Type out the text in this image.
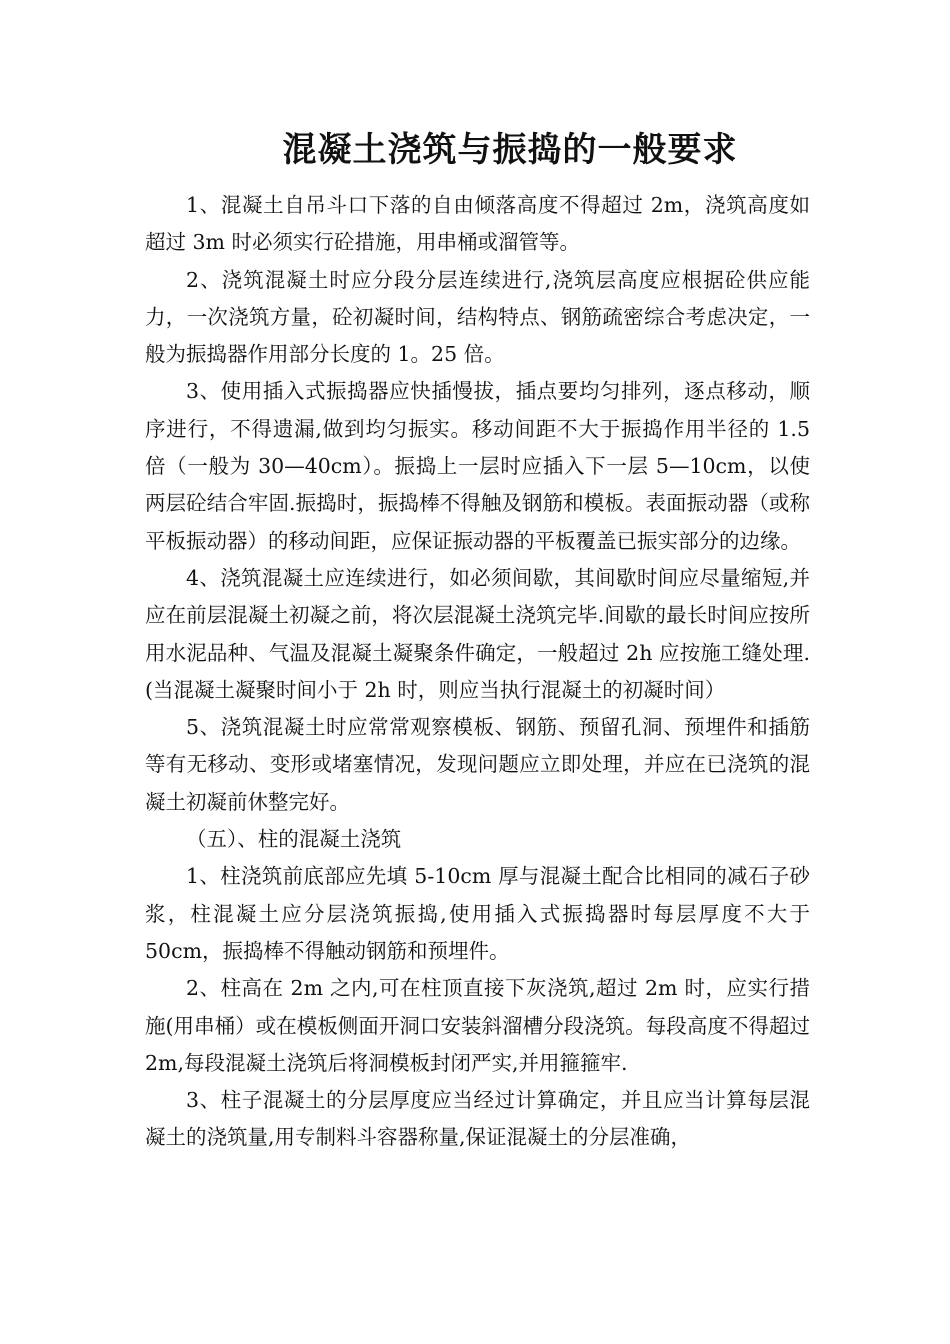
混凝土浇筑与振捣的一般要求

1、混凝土自吊斗口下落的自由倾落高度不得超过 2m，浇筑高度如超过 3m 时必须实行砼措施，用串桶或溜管等。

2、浇筑混凝土时应分段分层连续进行,浇筑层高度应根据砼供应能力，一次浇筑方量，砼初凝时间，结构特点、钢筋疏密综合考虑决定，一般为振捣器作用部分长度的 1。25 倍。

3、使用插入式振捣器应快插慢拔，插点要均匀排列，逐点移动，顺序进行，不得遗漏,做到均匀振实。移动间距不大于振捣作用半径的 1.5 倍（一般为 30—40cm）。振捣上一层时应插入下一层 5—10cm，以使两层砼结合牢固.振捣时，振捣棒不得触及钢筋和模板。表面振动器（或称平板振动器）的移动间距，应保证振动器的平板覆盖已振实部分的边缘。

4、浇筑混凝土应连续进行，如必须间歇，其间歇时间应尽量缩短,并应在前层混凝土初凝之前，将次层混凝土浇筑完毕.间歇的最长时间应按所用水泥品种、气温及混凝土凝聚条件确定，一般超过 2h 应按施工缝处理.(当混凝土凝聚时间小于 2h 时，则应当执行混凝土的初凝时间）

5、浇筑混凝土时应常常观察模板、钢筋、预留孔洞、预埋件和插筋等有无移动、变形或堵塞情况，发现问题应立即处理，并应在已浇筑的混凝土初凝前休整完好。

（五）、柱的混凝土浇筑

1、柱浇筑前底部应先填 5-10cm 厚与混凝土配合比相同的减石子砂浆，柱混凝土应分层浇筑振捣,使用插入式振捣器时每层厚度不大于 50cm，振捣棒不得触动钢筋和预埋件。

2、柱高在 2m 之内,可在柱顶直接下灰浇筑,超过 2m 时，应实行措施(用串桶）或在模板侧面开洞口安装斜溜槽分段浇筑。每段高度不得超过 2m,每段混凝土浇筑后将洞模板封闭严实,并用箍箍牢.

3、柱子混凝土的分层厚度应当经过计算确定，并且应当计算每层混凝土的浇筑量,用专制料斗容器称量,保证混凝土的分层准确，
